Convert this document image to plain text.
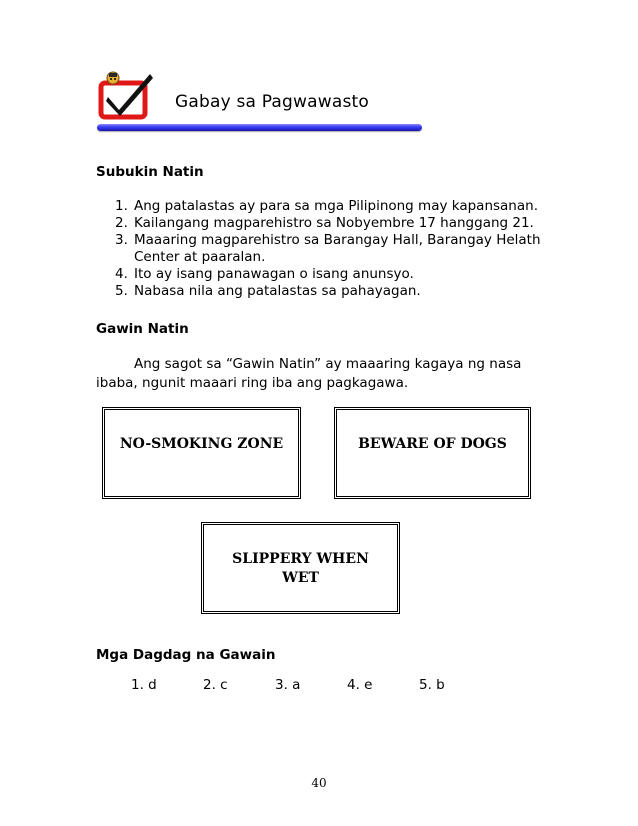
Gabay sa Pagwawasto
Subukin Natin
1. Ang patalastas ay para sa mga Pilipinong may kapansanan.
2. Kailangang magparehistro sa Nobyembre 17 hanggang 21.
3. Maaaring magparehistro sa Barangay Hall, Barangay Helath Center at paaralan.
4. Ito ay isang panawagan o isang anunsyo.
5. Nabasa nila ang patalastas sa pahayagan.
Gawin Natin

Ang sagot sa “Gawin Natin” ay maaaring kagaya ng nasa ibaba, ngunit maaari ring iba ang pagkagawa.

NO-SMOKING ZONE	BEWARE OF DOGS
SLIPPERY WHEN
WET
Mga Dagdag na Gawain
1. d	2. c	3. a	4. e	5. b
40
